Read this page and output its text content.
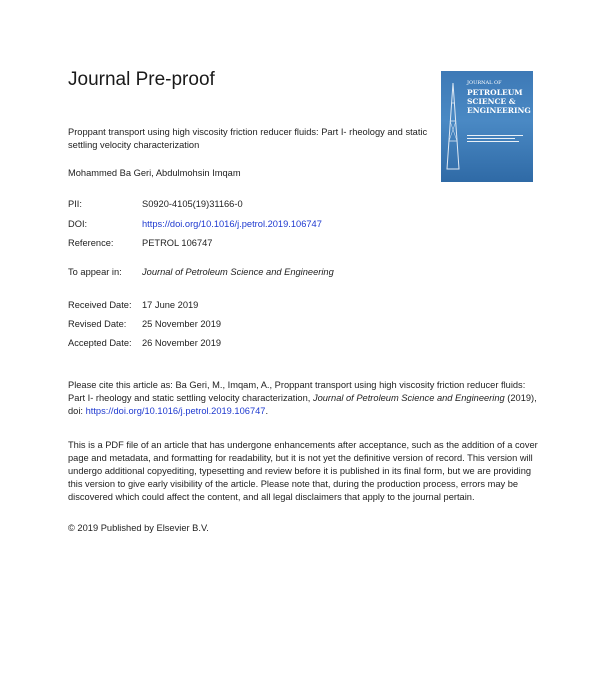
Journal Pre-proof	JOURNAL OF
PETROLEUM
SCIENCE &
ENGINEERING
Proppant transport using high viscosity friction reducer fluids: Part I- rheology and static settling velocity characterization
Mohammed Ba Geri, Abdulmohsin Imqam
PII:	S0920-4105(19)31166-0
DOI:	https://doi.org/10.1016/j.petrol.2019.106747
Reference:	PETROL 106747
To appear in: Journal of Petroleum Science and Engineering
Received Date: 17 June 2019
Revised Date: 25 November 2019
Accepted Date: 26 November 2019
Please cite this article as: Ba Geri, M., Imqam, A., Proppant transport using high viscosity friction reducer fluids: Part I- rheology and static settling velocity characterization, Journal of Petroleum Science and Engineering (2019), doi: https://doi.org/10.1016/j.petrol.2019.106747.
This is a PDF file of an article that has undergone enhancements after acceptance, such as the addition of a cover page and metadata, and formatting for readability, but it is not yet the definitive version of record. This version will undergo additional copyediting, typesetting and review before it is published in its final form, but we are providing this version to give early visibility of the article. Please note that, during the production process, errors may be discovered which could affect the content, and all legal disclaimers that apply to the journal pertain.
© 2019 Published by Elsevier B.V.
